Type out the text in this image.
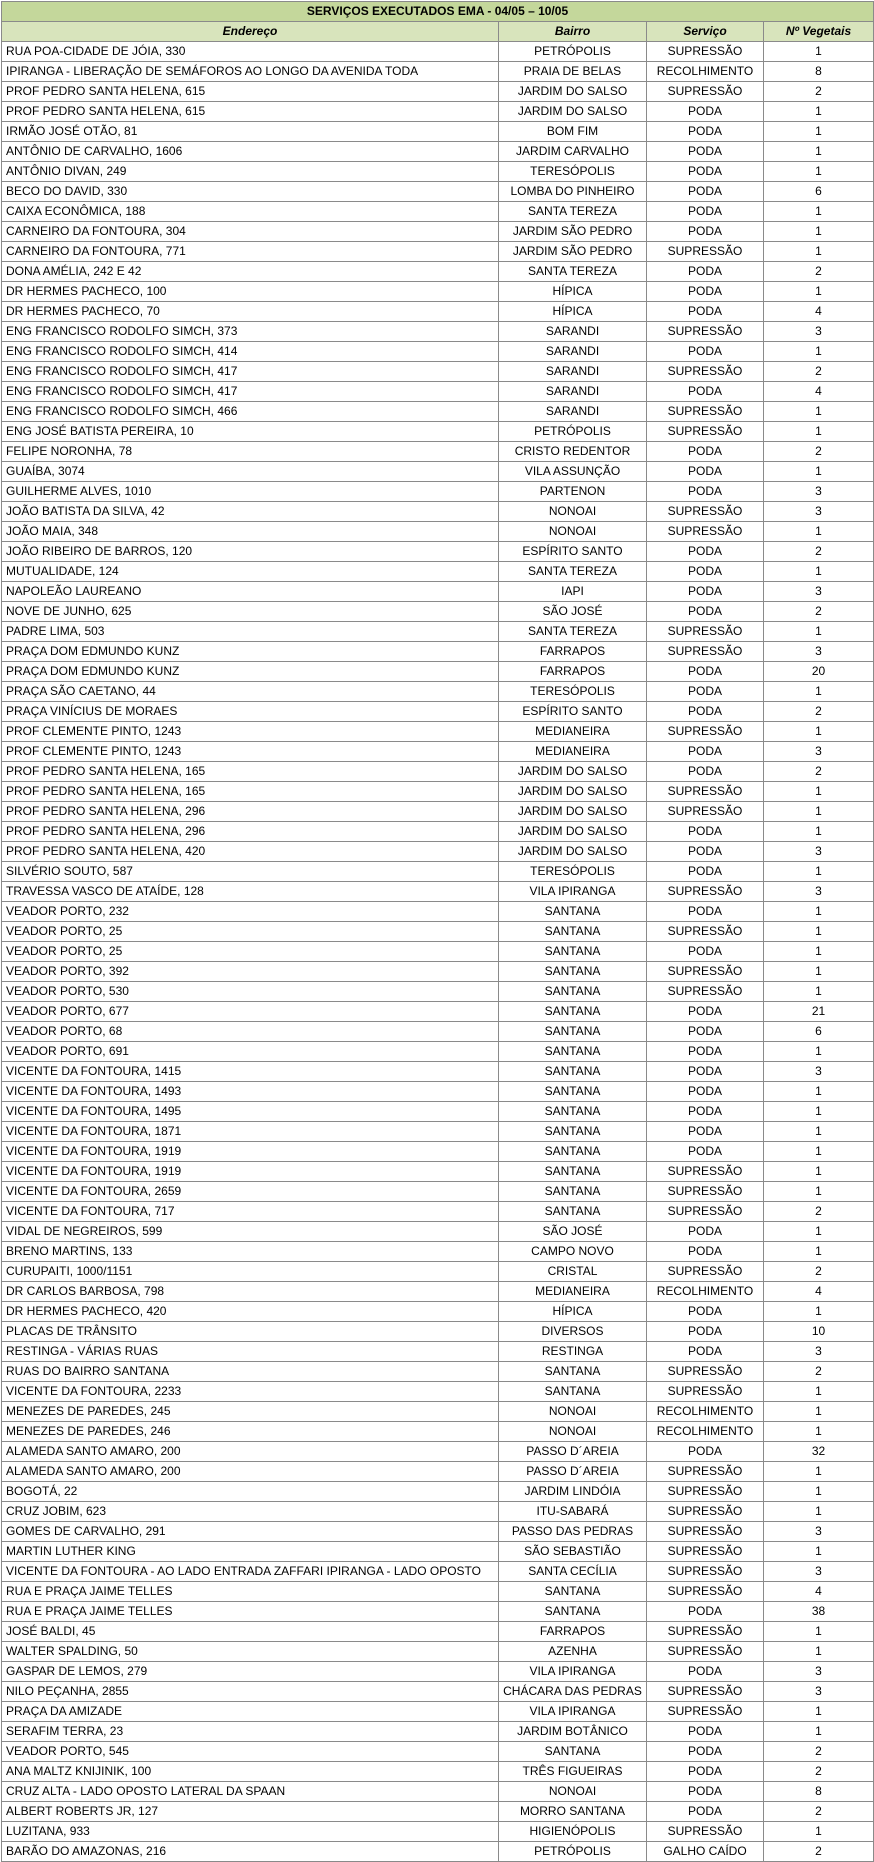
SERVIÇOS EXECUTADOS EMA - 04/05 – 10/05			
Endereço	Bairro	Serviço	Nº Vegetais
RUA POA-CIDADE DE JÓIA, 330	PETRÓPOLIS	SUPRESSÃO	1
IPIRANGA - LIBERAÇÃO DE SEMÁFOROS AO LONGO DA AVENIDA TODA	PRAIA DE BELAS	RECOLHIMENTO	8
PROF PEDRO SANTA HELENA, 615	JARDIM DO SALSO	SUPRESSÃO	2
PROF PEDRO SANTA HELENA, 615	JARDIM DO SALSO	PODA	1
IRMÃO JOSÉ OTÃO, 81	BOM FIM	PODA	1
ANTÔNIO DE CARVALHO, 1606	JARDIM CARVALHO	PODA	1
ANTÔNIO DIVAN, 249	TERESÓPOLIS	PODA	1
BECO DO DAVID, 330	LOMBA DO PINHEIRO	PODA	6
CAIXA ECONÔMICA, 188	SANTA TEREZA	PODA	1
CARNEIRO DA FONTOURA, 304	JARDIM SÃO PEDRO	PODA	1
CARNEIRO DA FONTOURA, 771	JARDIM SÃO PEDRO	SUPRESSÃO	1
DONA AMÉLIA, 242 E 42	SANTA TEREZA	PODA	2
DR HERMES PACHECO, 100	HÍPICA	PODA	1
DR HERMES PACHECO, 70	HÍPICA	PODA	4
ENG FRANCISCO RODOLFO SIMCH, 373	SARANDI	SUPRESSÃO	3
ENG FRANCISCO RODOLFO SIMCH, 414	SARANDI	PODA	1
ENG FRANCISCO RODOLFO SIMCH, 417	SARANDI	SUPRESSÃO	2
ENG FRANCISCO RODOLFO SIMCH, 417	SARANDI	PODA	4
ENG FRANCISCO RODOLFO SIMCH, 466	SARANDI	SUPRESSÃO	1
ENG JOSÉ BATISTA PEREIRA, 10	PETRÓPOLIS	SUPRESSÃO	1
FELIPE NORONHA, 78	CRISTO REDENTOR	PODA	2
GUAÍBA, 3074	VILA ASSUNÇÃO	PODA	1
GUILHERME ALVES, 1010	PARTENON	PODA	3
JOÃO BATISTA DA SILVA, 42	NONOAI	SUPRESSÃO	3
JOÃO MAIA, 348	NONOAI	SUPRESSÃO	1
JOÃO RIBEIRO DE BARROS, 120	ESPÍRITO SANTO	PODA	2
MUTUALIDADE, 124	SANTA TEREZA	PODA	1
NAPOLEÃO LAUREANO	IAPI	PODA	3
NOVE DE JUNHO, 625	SÃO JOSÉ	PODA	2
PADRE LIMA, 503	SANTA TEREZA	SUPRESSÃO	1
PRAÇA DOM EDMUNDO KUNZ	FARRAPOS	SUPRESSÃO	3
PRAÇA DOM EDMUNDO KUNZ	FARRAPOS	PODA	20
PRAÇA SÃO CAETANO, 44	TERESÓPOLIS	PODA	1
PRAÇA VINÍCIUS DE MORAES	ESPÍRITO SANTO	PODA	2
PROF CLEMENTE PINTO, 1243	MEDIANEIRA	SUPRESSÃO	1
PROF CLEMENTE PINTO, 1243	MEDIANEIRA	PODA	3
PROF PEDRO SANTA HELENA, 165	JARDIM DO SALSO	PODA	2
PROF PEDRO SANTA HELENA, 165	JARDIM DO SALSO	SUPRESSÃO	1
PROF PEDRO SANTA HELENA, 296	JARDIM DO SALSO	SUPRESSÃO	1
PROF PEDRO SANTA HELENA, 296	JARDIM DO SALSO	PODA	1
PROF PEDRO SANTA HELENA, 420	JARDIM DO SALSO	PODA	3
SILVÉRIO SOUTO, 587	TERESÓPOLIS	PODA	1
TRAVESSA VASCO DE ATAÍDE, 128	VILA IPIRANGA	SUPRESSÃO	3
VEADOR PORTO, 232	SANTANA	PODA	1
VEADOR PORTO, 25	SANTANA	SUPRESSÃO	1
VEADOR PORTO, 25	SANTANA	PODA	1
VEADOR PORTO, 392	SANTANA	SUPRESSÃO	1
VEADOR PORTO, 530	SANTANA	SUPRESSÃO	1
VEADOR PORTO, 677	SANTANA	PODA	21
VEADOR PORTO, 68	SANTANA	PODA	6
VEADOR PORTO, 691	SANTANA	PODA	1
VICENTE DA FONTOURA, 1415	SANTANA	PODA	3
VICENTE DA FONTOURA, 1493	SANTANA	PODA	1
VICENTE DA FONTOURA, 1495	SANTANA	PODA	1
VICENTE DA FONTOURA, 1871	SANTANA	PODA	1
VICENTE DA FONTOURA, 1919	SANTANA	PODA	1
VICENTE DA FONTOURA, 1919	SANTANA	SUPRESSÃO	1
VICENTE DA FONTOURA, 2659	SANTANA	SUPRESSÃO	1
VICENTE DA FONTOURA, 717	SANTANA	SUPRESSÃO	2
VIDAL DE NEGREIROS, 599	SÃO JOSÉ	PODA	1
BRENO MARTINS, 133	CAMPO NOVO	PODA	1
CURUPAITI, 1000/1151	CRISTAL	SUPRESSÃO	2
DR CARLOS BARBOSA, 798	MEDIANEIRA	RECOLHIMENTO	4
DR HERMES PACHECO, 420	HÍPICA	PODA	1
PLACAS DE TRÂNSITO	DIVERSOS	PODA	10
RESTINGA - VÁRIAS RUAS	RESTINGA	PODA	3
RUAS DO BAIRRO SANTANA	SANTANA	SUPRESSÃO	2
VICENTE DA FONTOURA, 2233	SANTANA	SUPRESSÃO	1
MENEZES DE PAREDES, 245	NONOAI	RECOLHIMENTO	1
MENEZES DE PAREDES, 246	NONOAI	RECOLHIMENTO	1
ALAMEDA SANTO AMARO, 200	PASSO D´AREIA	PODA	32
ALAMEDA SANTO AMARO, 200	PASSO D´AREIA	SUPRESSÃO	1
BOGOTÁ, 22	JARDIM LINDÓIA	SUPRESSÃO	1
CRUZ JOBIM, 623	ITU-SABARÁ	SUPRESSÃO	1
GOMES DE CARVALHO, 291	PASSO DAS PEDRAS	SUPRESSÃO	3
MARTIN LUTHER KING	SÃO SEBASTIÃO	SUPRESSÃO	1
VICENTE DA FONTOURA - AO LADO ENTRADA ZAFFARI IPIRANGA - LADO OPOSTO	SANTA CECÍLIA	SUPRESSÃO	3
RUA E PRAÇA JAIME TELLES	SANTANA	SUPRESSÃO	4
RUA E PRAÇA JAIME TELLES	SANTANA	PODA	38
JOSÉ BALDI, 45	FARRAPOS	SUPRESSÃO	1
WALTER SPALDING, 50	AZENHA	SUPRESSÃO	1
GASPAR DE LEMOS, 279	VILA IPIRANGA	PODA	3
NILO PEÇANHA, 2855	CHÁCARA DAS PEDRAS	SUPRESSÃO	3
PRAÇA DA AMIZADE	VILA IPIRANGA	SUPRESSÃO	1
SERAFIM TERRA, 23	JARDIM BOTÂNICO	PODA	1
VEADOR PORTO, 545	SANTANA	PODA	2
ANA MALTZ KNIJINIK, 100	TRÊS FIGUEIRAS	PODA	2
CRUZ ALTA - LADO OPOSTO LATERAL DA SPAAN	NONOAI	PODA	8
ALBERT ROBERTS JR, 127	MORRO SANTANA	PODA	2
LUZITANA, 933	HIGIENÓPOLIS	SUPRESSÃO	1
BARÃO DO AMAZONAS, 216	PETRÓPOLIS	GALHO CAÍDO	2
